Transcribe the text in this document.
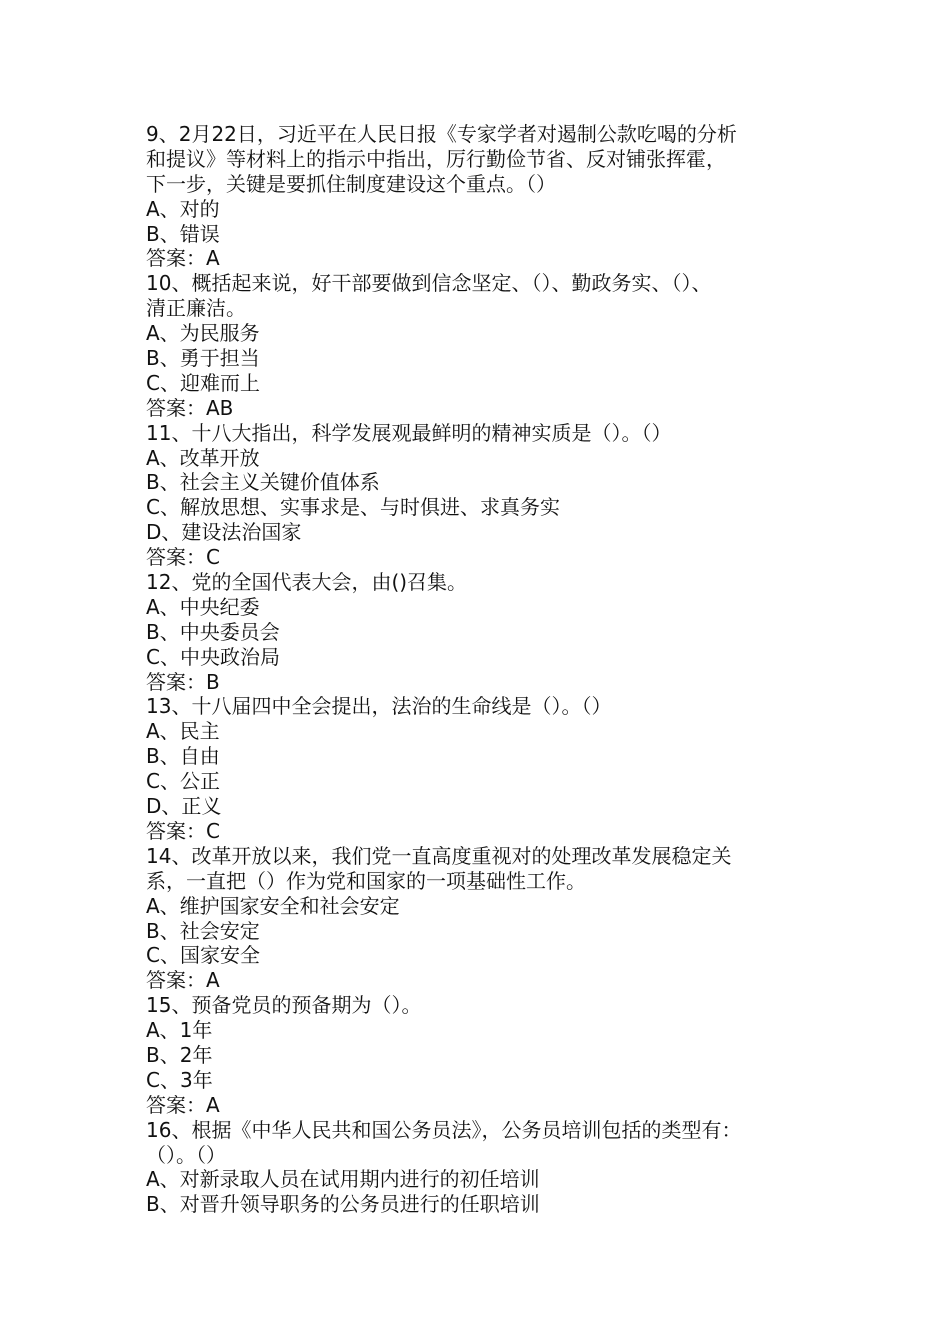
9、2月22日，习近平在人民日报《专家学者对遏制公款吃喝的分析
和提议》等材料上的指示中指出，厉行勤俭节省、反对铺张挥霍，
下一步，关键是要抓住制度建设这个重点。（）
A、对的
B、错误
答案：A
10、概括起来说，好干部要做到信念坚定、（）、勤政务实、（）、
清正廉洁。
A、为民服务
B、勇于担当
C、迎难而上
答案：AB
11、十八大指出，科学发展观最鲜明的精神实质是（）。（）
A、改革开放
B、社会主义关键价值体系
C、解放思想、实事求是、与时俱进、求真务实
D、建设法治国家
答案：C
12、党的全国代表大会，由()召集。
A、中央纪委
B、中央委员会
C、中央政治局
答案：B
13、十八届四中全会提出，法治的生命线是（）。（）
A、民主
B、自由
C、公正
D、正义
答案：C
14、改革开放以来，我们党一直高度重视对的处理改革发展稳定关
系，一直把（）作为党和国家的一项基础性工作。
A、维护国家安全和社会安定
B、社会安定
C、国家安全
答案：A
15、预备党员的预备期为（）。
A、1年
B、2年
C、3年
答案：A
16、根据《中华人民共和国公务员法》，公务员培训包括的类型有：
（）。（）
A、对新录取人员在试用期内进行的初任培训
B、对晋升领导职务的公务员进行的任职培训
